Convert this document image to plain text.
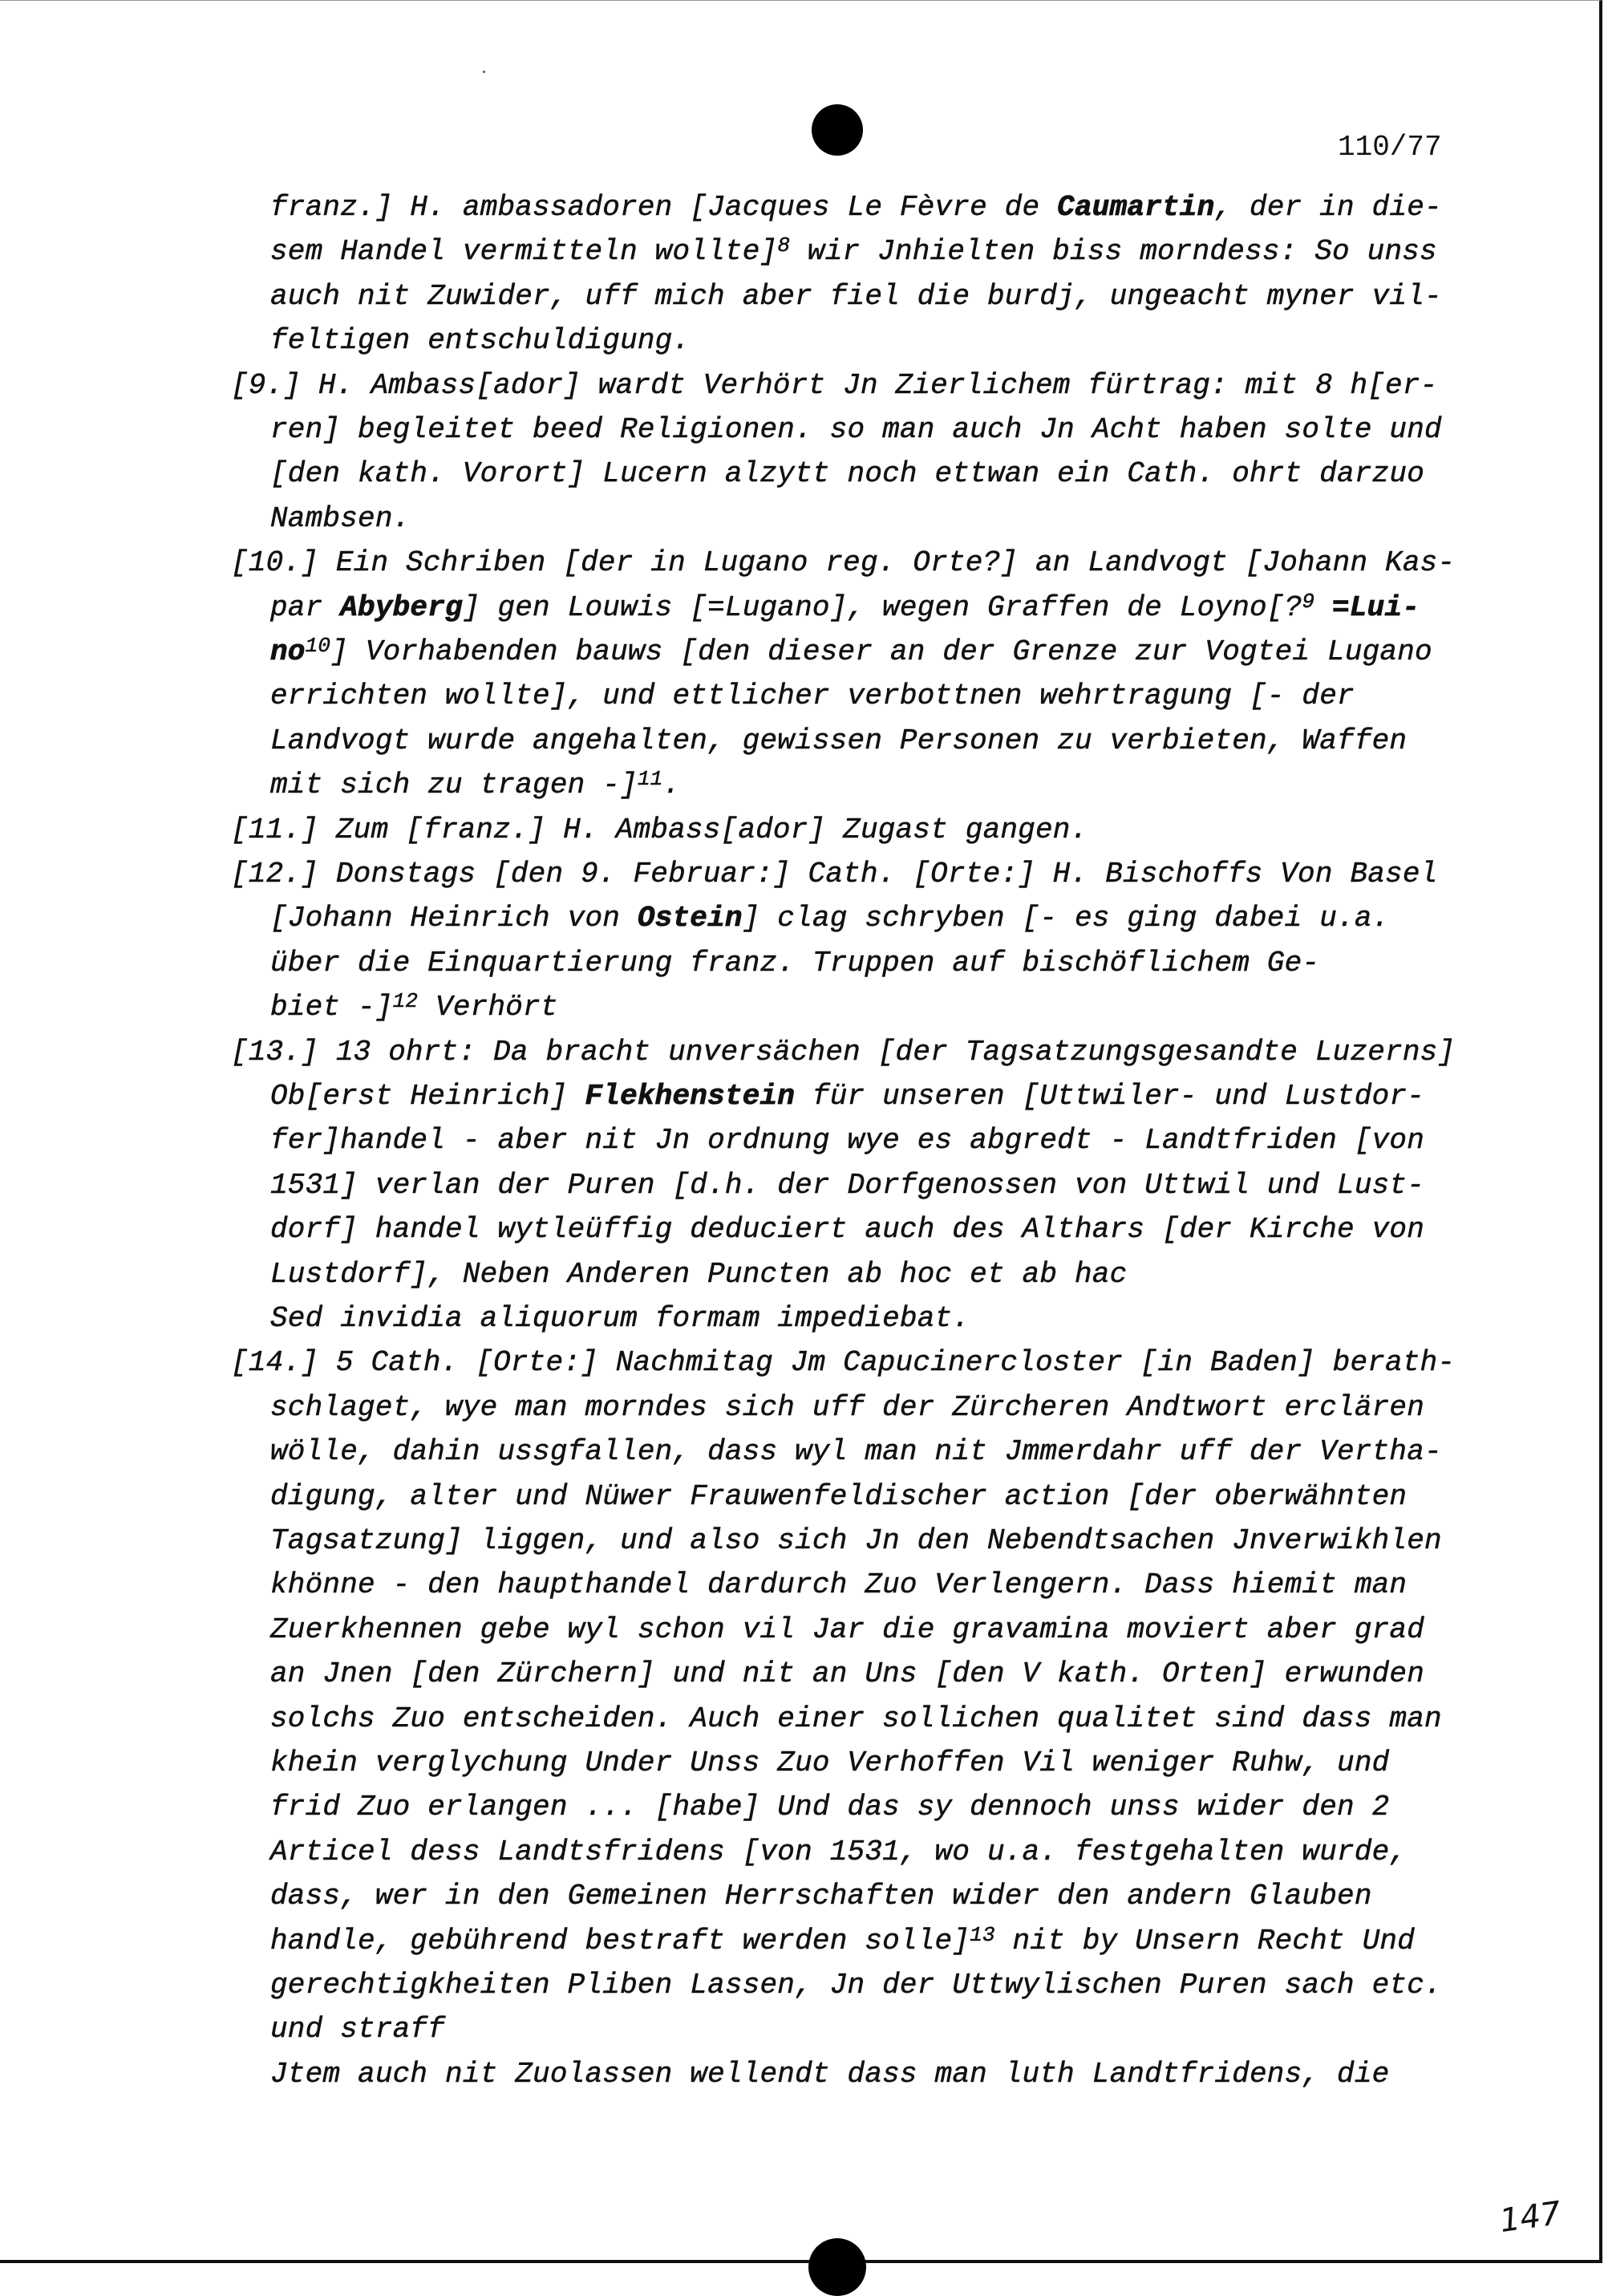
110/77
147
franz.] H. ambassadoren [Jacques Le Fèvre de Caumartin, der in die-
sem Handel vermitteln wollte]$^8$ wir Jnhielten biss morndess: So unss
auch nit Zuwider, uff mich aber fiel die burdj, ungeacht myner vil-
feltigen entschuldigung.
[9.] H. Ambass[ador] wardt Verhört Jn Zierlichem fürtrag: mit 8 h[er-
ren] begleitet beed Religionen. so man auch Jn Acht haben solte und
[den kath. Vorort] Lucern alzytt noch ettwan ein Cath. ohrt darzuo
Nambsen.
[10.] Ein Schriben [der in Lugano reg. Orte?] an Landvogt [Johann Kas-
par Abyberg] gen Louwis [=Lugano], wegen Graffen de Loyno[?$^9$ =Lui-
$no^{10}$] Vorhabenden bauws [den dieser an der Grenze zur Vogtei Lugano
errichten wollte], und ettlicher verbottnen wehrtragung [- der
Landvogt wurde angehalten, gewissen Personen zu verbieten, Waffen
mit sich zu tragen -]$^{11}$.
[11.] Zum [franz.] H. Ambass[ador] Zugast gangen.
[12.] Donstags [den 9. Februar:] Cath. [Orte:] H. Bischoffs Von Basel
[Johann Heinrich von Ostein] clag schryben [- es ging dabei u.a.
über die Einquartierung franz. Truppen auf bischöflichem Ge-
biet -]$^{12}$ Verhört
[13.] 13 ohrt: Da bracht unversächen [der Tagsatzungsgesandte Luzerns]
Ob[erst Heinrich] Flekhenstein für unseren [Uttwiler- und Lustdor-
fer]handel - aber nit Jn ordnung wye es abgredt - Landtfriden [von
1531] verlan der Puren [d.h. der Dorfgenossen von Uttwil und Lust-
dorf] handel wytleüffig deduciert auch des Althars [der Kirche von
Lustdorf], Neben Anderen Puncten ab hoc et ab hac
Sed invidia aliquorum formam impediebat.
[14.] 5 Cath. [Orte:] Nachmitag Jm Capucinercloster [in Baden] berath-
schlaget, wye man morndes sich uff der Zürcheren Andtwort erclären
wölle, dahin ussgfallen, dass wyl man nit Jmmerdahr uff der Vertha-
digung, alter und Nüwer Frauwenfeldischer action [der oberwähnten
Tagsatzung] liggen, und also sich Jn den Nebendtsachen Jnverwikhlen
khönne - den haupthandel dardurch Zuo Verlengern. Dass hiemit man
Zuerkhennen gebe wyl schon vil Jar die gravamina moviert aber grad
an Jnen [den Zürchern] und nit an Uns [den V kath. Orten] erwunden
solchs Zuo entscheiden. Auch einer sollichen qualitet sind dass man
khein verglychung Under Unss Zuo Verhoffen Vil weniger Ruhw, und
frid Zuo erlangen ... [habe] Und das sy dennoch unss wider den 2
Articel dess Landtsfridens [von 1531, wo u.a. festgehalten wurde,
dass, wer in den Gemeinen Herrschaften wider den andern Glauben
handle, gebührend bestraft werden solle]$^{13}$ nit by Unsern Recht Und
gerechtigkheiten Pliben Lassen, Jn der Uttwylischen Puren sach etc.
und straff
Jtem auch nit Zuolassen wellendt dass man luth Landtfridens, die
